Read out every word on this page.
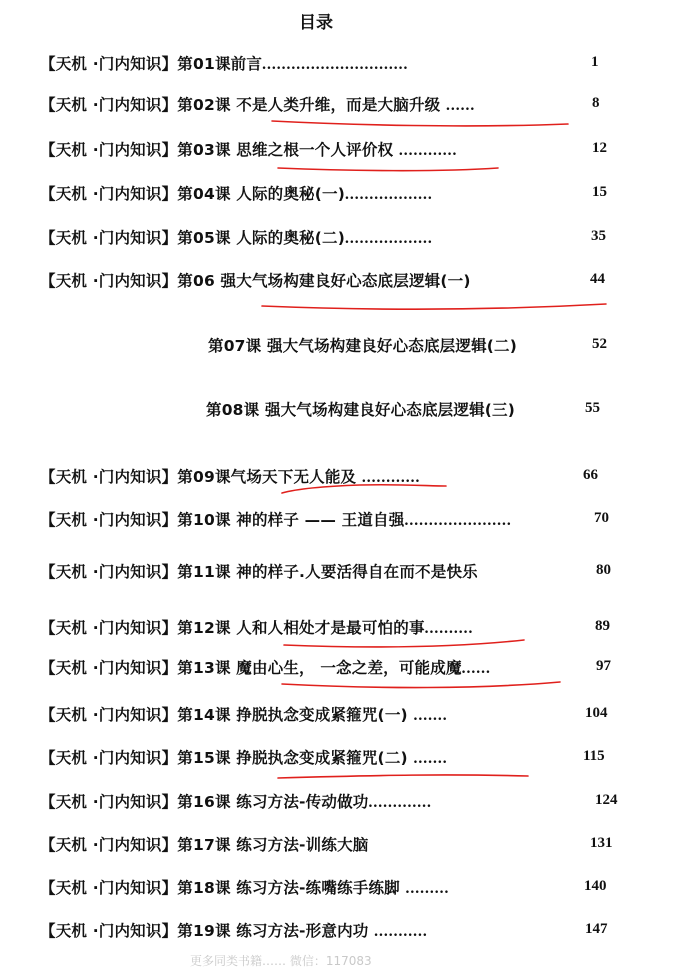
目录
【天机 ·门内知识】第01课前言..............................	1
【天机 ·门内知识】第02课 不是人类升维，而是大脑升级 ......	8
【天机 ·门内知识】第03课 思维之根一个人评价权 ............	12
【天机 ·门内知识】第04课 人际的奥秘(一)..................	15
【天机 ·门内知识】第05课 人际的奥秘(二)..................	35
【天机 ·门内知识】第06 强大气场构建良好心态底层逻辑(一)	44
第07课 强大气场构建良好心态底层逻辑(二)	52
第08课 强大气场构建良好心态底层逻辑(三)	55
【天机 ·门内知识】第09课气场天下无人能及 ............	66
【天机 ·门内知识】第10课 神的样子 —— 王道自强......................	70
【天机 ·门内知识】第11课 神的样子.人要活得自在而不是快乐	80
【天机 ·门内知识】第12课 人和人相处才是最可怕的事..........	89
【天机 ·门内知识】第13课 魔由心生， 一念之差，可能成魔......	97
【天机 ·门内知识】第14课 挣脱执念变成紧箍咒(一) .......	104
【天机 ·门内知识】第15课 挣脱执念变成紧箍咒(二) .......	115
【天机 ·门内知识】第16课 练习方法-传动做功.............	124
【天机 ·门内知识】第17课 练习方法-训练大脑	131
【天机 ·门内知识】第18课 练习方法-练嘴练手练脚 .........	140
【天机 ·门内知识】第19课 练习方法-形意内功 ...........	147
更多同类书籍…… 微信：117083
